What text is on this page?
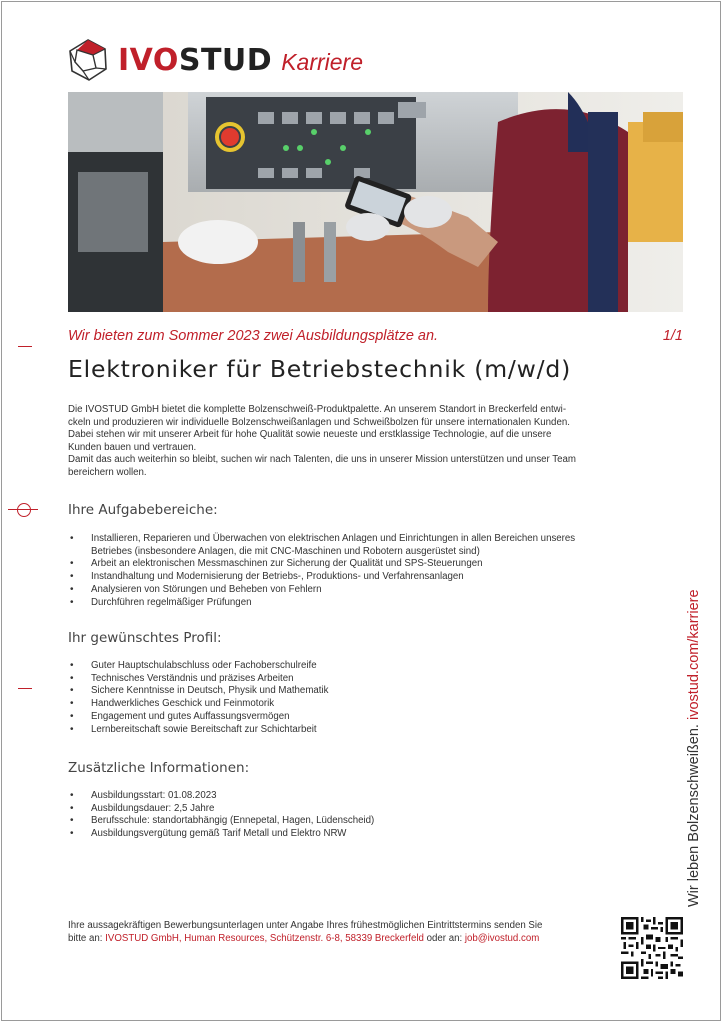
IVOSTUD Karriere
Wir bieten zum Sommer 2023 zwei Ausbildungsplätze an.	1/1
Elektroniker für Betriebstechnik (m/w/d)

Die IVOSTUD GmbH bietet die komplette Bolzenschweiß-Produktpalette. An unserem Standort in Breckerfeld entwi-
ckeln und produzieren wir individuelle Bolzenschweißanlagen und Schweißbolzen für unsere internationalen Kunden.
Dabei stehen wir mit unserer Arbeit für hohe Qualität sowie neueste und erstklassige Technologie, auf die unsere
Kunden bauen und vertrauen.
Damit das auch weiterhin so bleibt, suchen wir nach Talenten, die uns in unserer Mission unterstützen und unser Team
bereichern wollen.

Ihre Aufgabebereiche:
• Installieren, Reparieren und Überwachen von elektrischen Anlagen und Einrichtungen in allen Bereichen unseres Betriebes (insbesondere Anlagen, die mit CNC-Maschinen und Robotern ausgerüstet sind)
• Arbeit an elektronischen Messmaschinen zur Sicherung der Qualität und SPS-Steuerungen
• Instandhaltung und Modernisierung der Betriebs-, Produktions- und Verfahrensanlagen
• Analysieren von Störungen und Beheben von Fehlern
• Durchführen regelmäßiger Prüfungen
Ihr gewünschtes Profil:
• Guter Hauptschulabschluss oder Fachoberschulreife
• Technisches Verständnis und präzises Arbeiten
• Sichere Kenntnisse in Deutsch, Physik und Mathematik
• Handwerkliches Geschick und Feinmotorik
• Engagement und gutes Auffassungsvermögen
• Lernbereitschaft sowie Bereitschaft zur Schichtarbeit
Zusätzliche Informationen:
• Ausbildungsstart: 01.08.2023
• Ausbildungsdauer: 2,5 Jahre
• Berufsschule: standortabhängig (Ennepetal, Hagen, Lüdenscheid)
• Ausbildungsvergütung gemäß Tarif Metall und Elektro NRW

Ihre aussagekräftigen Bewerbungsunterlagen unter Angabe Ihres frühestmöglichen Eintrittstermins senden Sie
bitte an: IVOSTUD GmbH, Human Resources, Schützenstr. 6-8, 58339 Breckerfeld oder an: job@ivostud.com

Wir leben Bolzenschweißen. ivostud.com/karriere
